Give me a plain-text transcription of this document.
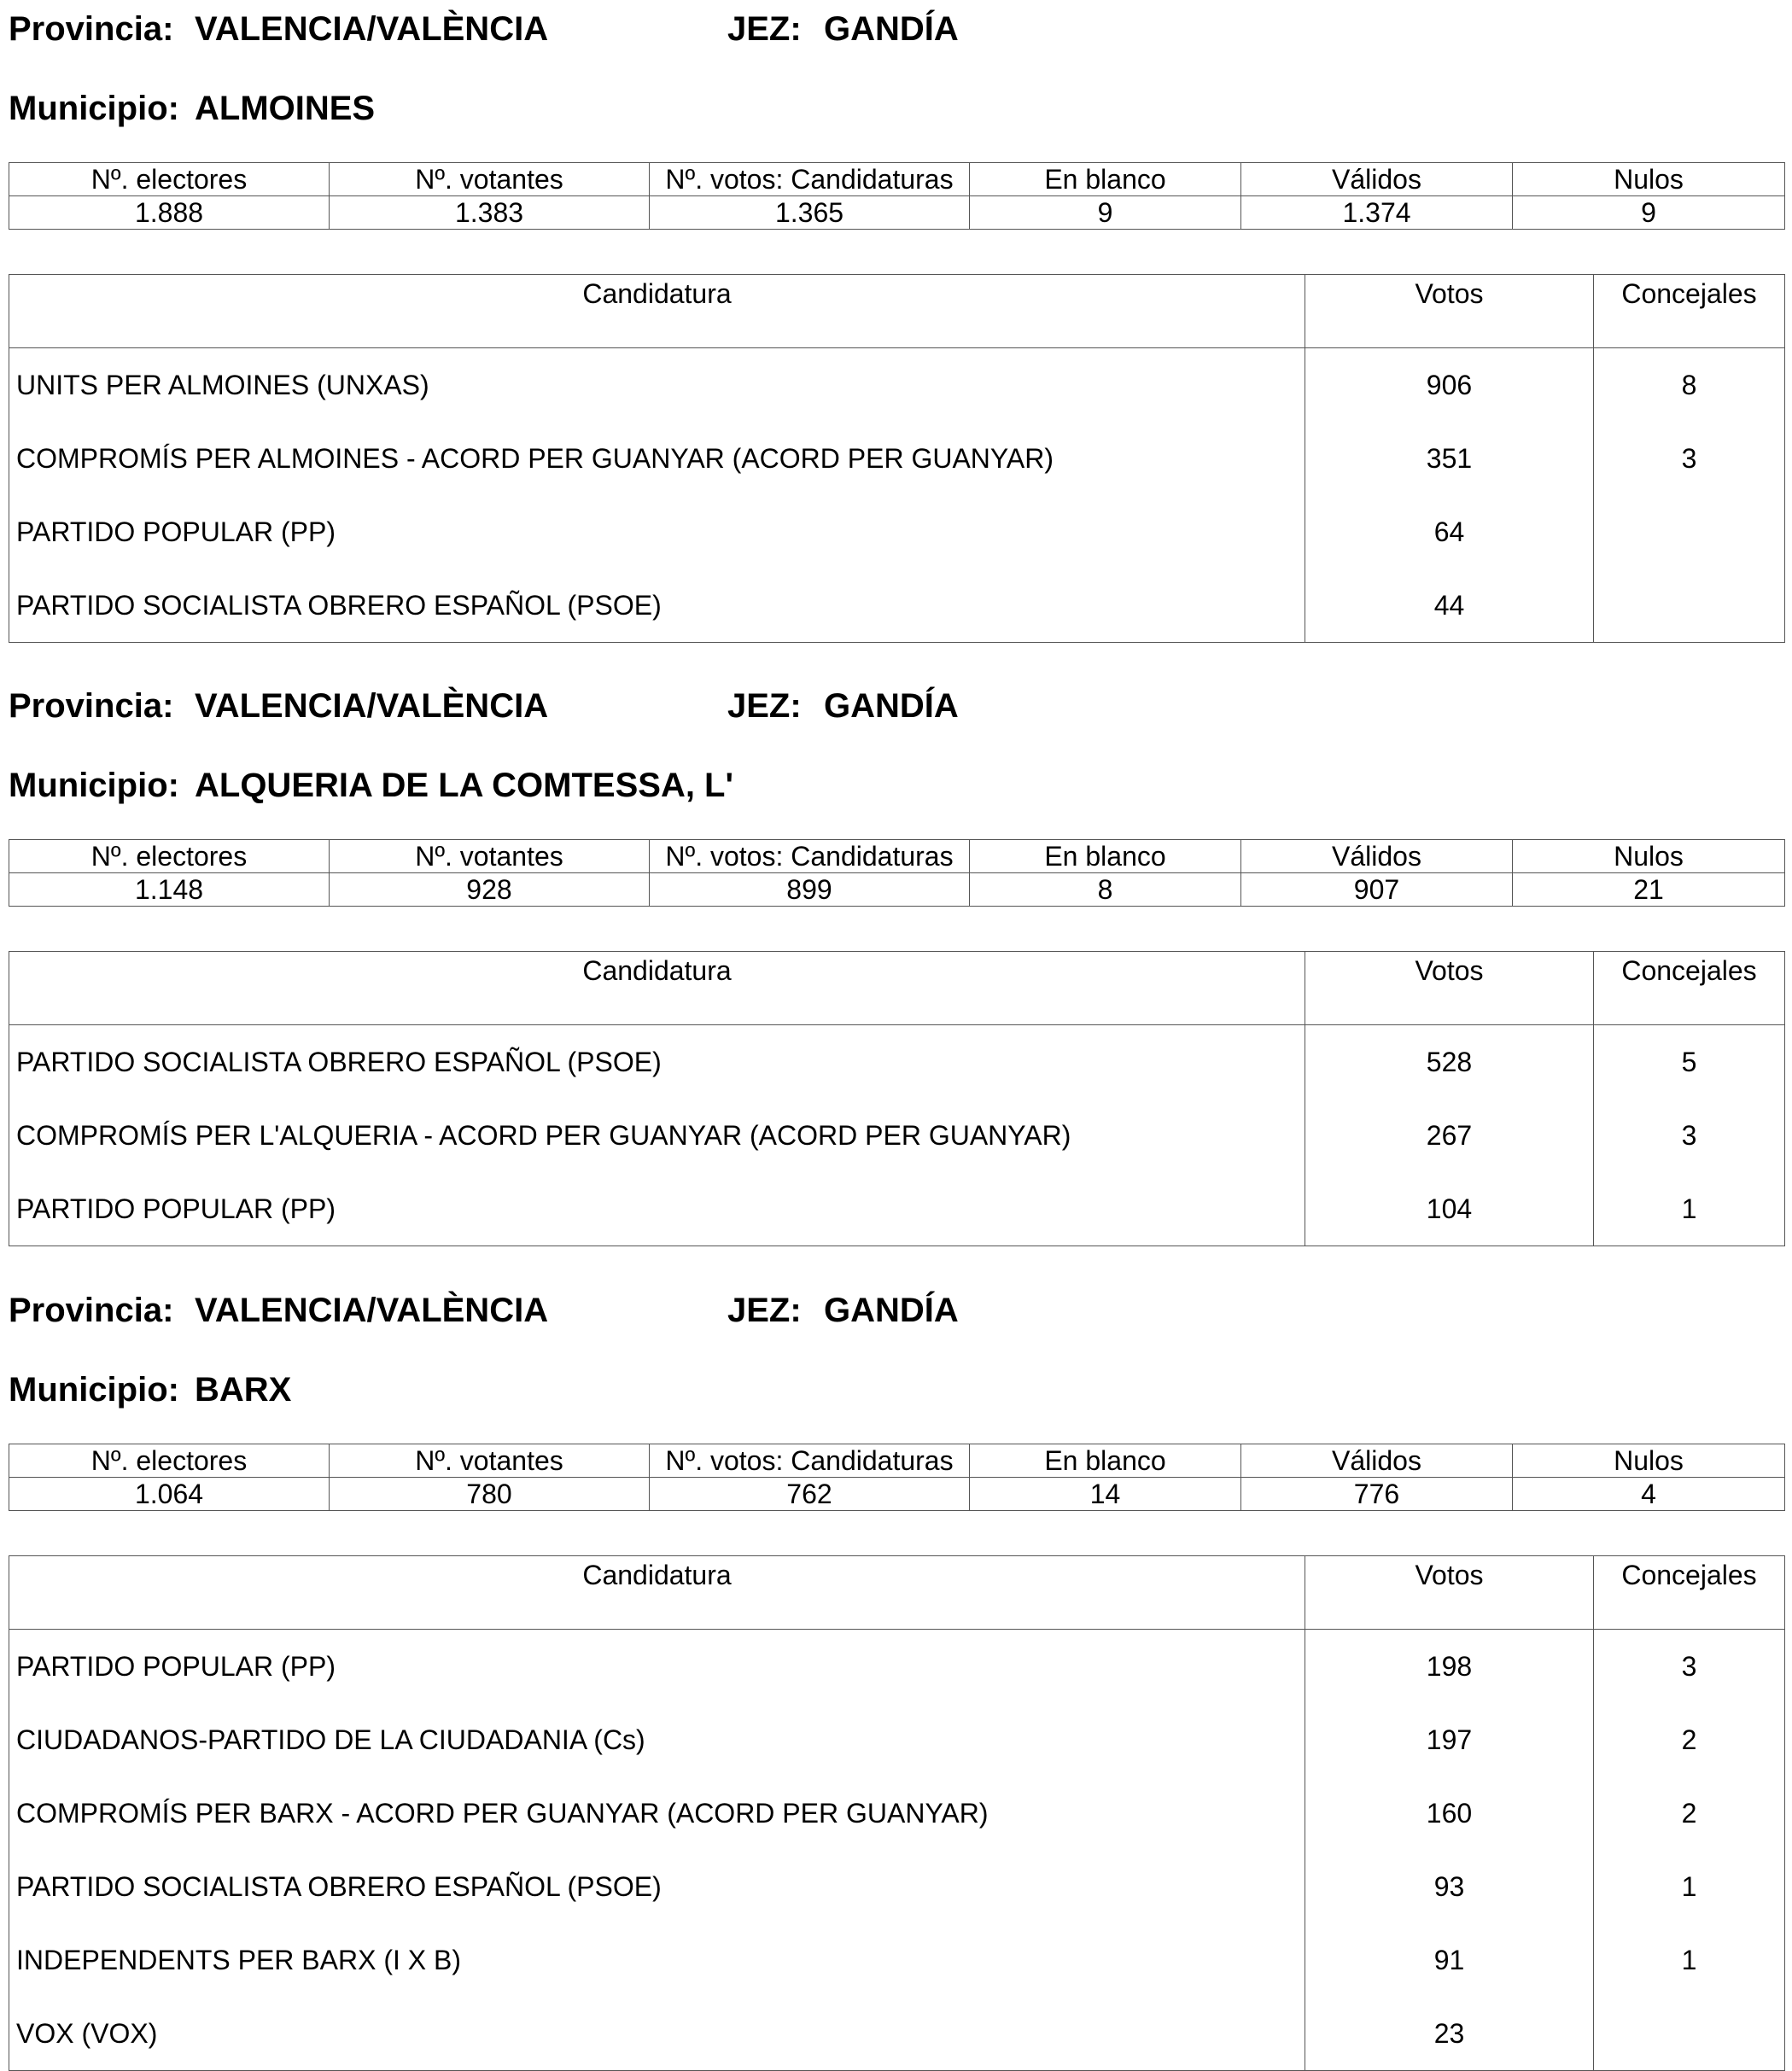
Provincia: VALENCIA/VALÈNCIA	JEZ: GANDÍA
Municipio: ALMOINES
Nº. electores	Nº. votantes	Nº. votos: Candidaturas	En blanco	Válidos	Nulos
1.888	1.383	1.365	9	1.374	9
Candidatura	Votos	Concejales
UNITS PER ALMOINES (UNXAS)	906	8
COMPROMÍS PER ALMOINES - ACORD PER GUANYAR (ACORD PER GUANYAR)	351	3
PARTIDO POPULAR (PP)	64	
PARTIDO SOCIALISTA OBRERO ESPAÑOL (PSOE)	44	
Provincia: VALENCIA/VALÈNCIA	JEZ: GANDÍA
Municipio: ALQUERIA DE LA COMTESSA, L'
Nº. electores	Nº. votantes	Nº. votos: Candidaturas	En blanco	Válidos	Nulos
1.148	928	899	8	907	21
Candidatura	Votos	Concejales
PARTIDO SOCIALISTA OBRERO ESPAÑOL (PSOE)	528	5
COMPROMÍS PER L'ALQUERIA - ACORD PER GUANYAR (ACORD PER GUANYAR)	267	3
PARTIDO POPULAR (PP)	104	1
Provincia: VALENCIA/VALÈNCIA	JEZ: GANDÍA
Municipio: BARX
Nº. electores	Nº. votantes	Nº. votos: Candidaturas	En blanco	Válidos	Nulos
1.064	780	762	14	776	4
Candidatura	Votos	Concejales
PARTIDO POPULAR (PP)	198	3
CIUDADANOS-PARTIDO DE LA CIUDADANIA (Cs)	197	2
COMPROMÍS PER BARX - ACORD PER GUANYAR (ACORD PER GUANYAR)	160	2
PARTIDO SOCIALISTA OBRERO ESPAÑOL (PSOE)	93	1
INDEPENDENTS PER BARX (I X B)	91	1
VOX (VOX)	23	
